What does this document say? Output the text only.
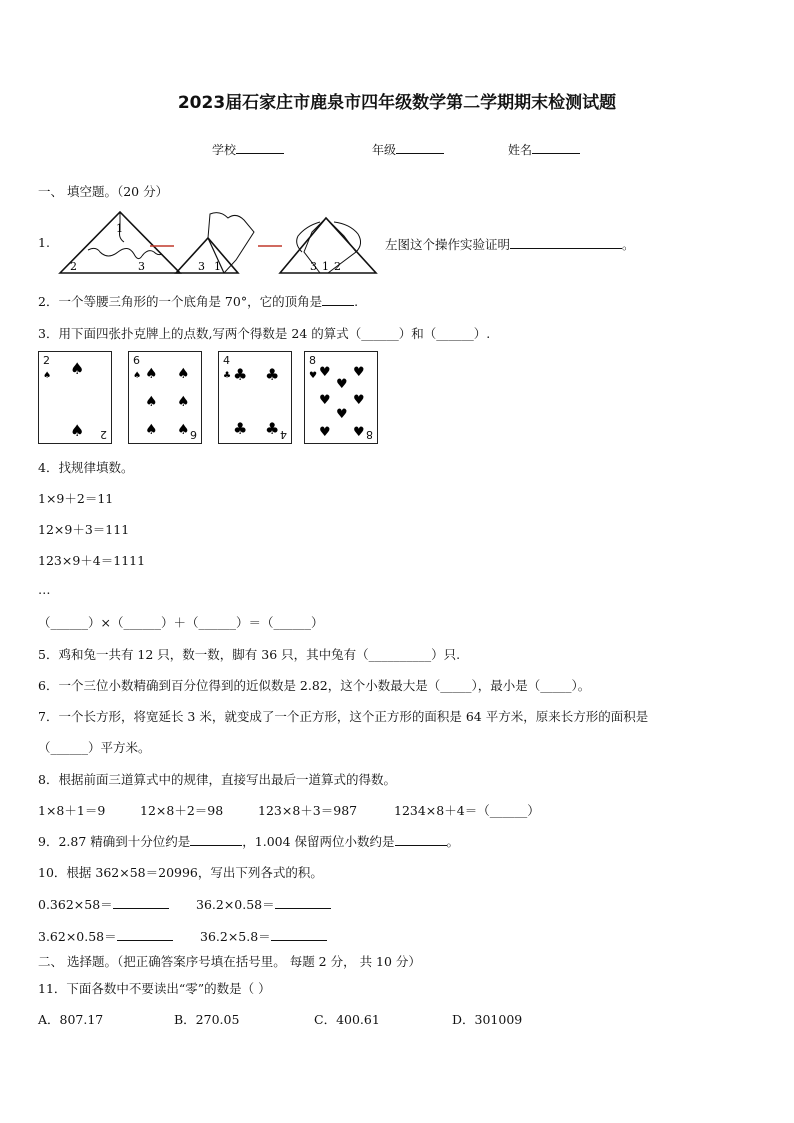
2023届石家庄市鹿泉市四年级数学第二学期期末检测试题
学校	年级	姓名
一、 填空题。（20 分）
1.
1
2	3	3 1	3 1 2
左图这个操作实验证明	。
2．一个等腰三角形的一个底角是 70°，它的顶角是	.
3．用下面四张扑克牌上的点数,写两个得数是 24 的算式（______）和（______）.
2
♠ ♠
♠ 2
6
♠ ♠ ♠
♠ ♠
♠ ♠ 6
4
♣ ♣ ♣
♣ ♣ 4
8
♥ ♥ ♥
♥
♥ ♥
♥
♥ ♥ 8
4．找规律填数。
1×9＋2＝11
12×9＋3＝111
123×9＋4＝1111
…
（______）×（______）＋（______）＝（______）
5．鸡和兔一共有 12 只，数一数，脚有 36 只，其中兔有（__________）只.
6．一个三位小数精确到百分位得到的近似数是 2.82，这个小数最大是（_____），最小是（_____）。
7．一个长方形，将宽延长 3 米，就变成了一个正方形，这个正方形的面积是 64 平方米，原来长方形的面积是
（______）平方米。
8．根据前面三道算式中的规律，直接写出最后一道算式的得数。
1×8＋1＝9	12×8＋2＝98	123×8＋3＝987	1234×8＋4＝（______）
9．2.87 精确到十分位约是	，1.004 保留两位小数约是	。
10．根据 362×58＝20996，写出下列各式的积。
0.362×58＝	36.2×0.58＝
3.62×0.58＝	36.2×5.8＝
二、 选择题。（把正确答案序号填在括号里。 每题 2 分， 共 10 分）
11．下面各数中不要读出“零”的数是（ ）
A．807.17	B．270.05	C．400.61	D．301009
